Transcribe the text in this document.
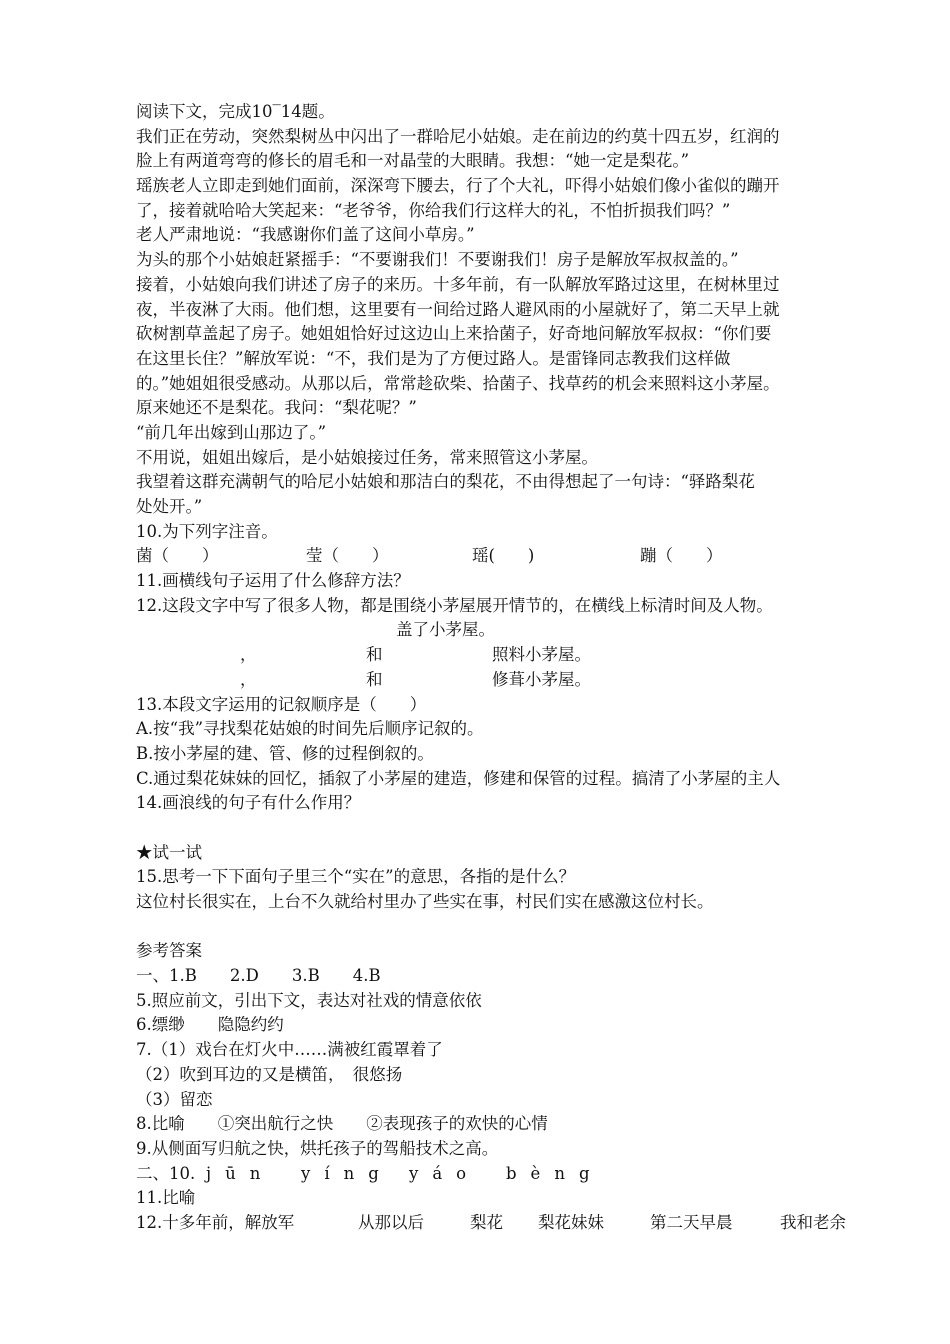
阅读下文，完成10‾14题。
我们正在劳动，突然梨树丛中闪出了一群哈尼小姑娘。走在前边的约莫十四五岁，红润的
脸上有两道弯弯的修长的眉毛和一对晶莹的大眼睛。我想：“她一定是梨花。”
瑶族老人立即走到她们面前，深深弯下腰去，行了个大礼，吓得小姑娘们像小雀似的蹦开
了，接着就哈哈大笑起来：“老爷爷，你给我们行这样大的礼，不怕折损我们吗？”
老人严肃地说：“我感谢你们盖了这间小草房。”
为头的那个小姑娘赶紧摇手：“不要谢我们！不要谢我们！房子是解放军叔叔盖的。”
接着，小姑娘向我们讲述了房子的来历。十多年前，有一队解放军路过这里，在树林里过
夜，半夜淋了大雨。他们想，这里要有一间给过路人避风雨的小屋就好了，第二天早上就
砍树割草盖起了房子。她姐姐恰好过这边山上来拾菌子，好奇地问解放军叔叔：“你们要
在这里长住？”解放军说：“不，我们是为了方便过路人。是雷锋同志教我们这样做
的。”她姐姐很受感动。从那以后，常常趁砍柴、拾菌子、找草药的机会来照料这小茅屋。
原来她还不是梨花。我问：“梨花呢？”
“前几年出嫁到山那边了。”
不用说，姐姐出嫁后，是小姑娘接过任务，常来照管这小茅屋。
我望着这群充满朝气的哈尼小姑娘和那洁白的梨花，不由得想起了一句诗：“驿路梨花
处处开。”
10.为下列字注音。
菌（　　）	莹（　　）	瑶(　　)	蹦（　　）
11.画横线句子运用了什么修辞方法？
12.这段文字中写了很多人物，都是围绕小茅屋展开情节的，在横线上标清时间及人物。
盖了小茅屋。
，	和	照料小茅屋。
，	和	修葺小茅屋。
13.本段文字运用的记叙顺序是（　　）
A.按“我”寻找梨花姑娘的时间先后顺序记叙的。
B.按小茅屋的建、管、修的过程倒叙的。
C.通过梨花妹妹的回忆，插叙了小茅屋的建造，修建和保管的过程。搞清了小茅屋的主人
14.画浪线的句子有什么作用？
★试一试
15.思考一下下面句子里三个“实在”的意思，各指的是什么？
这位村长很实在，上台不久就给村里办了些实在事，村民们实在感激这位村长。
参考答案
一、1.B　　2.D　　3.B　　4.B
5.照应前文，引出下文，表达对社戏的情意依依
6.缥缈　　隐隐约约
7.（1）戏台在灯火中……满被红霞罩着了
（2）吹到耳边的又是横笛，　很悠扬
（3）留恋
8.比喻　　①突出航行之快　　②表现孩子的欢快的心情
9.从侧面写归航之快，烘托孩子的驾船技术之高。
二、10. jūn yíng yáo bèng
11.比喻
12.十多年前，解放军	从那以后	梨花 梨花妹妹	第二天早晨	我和老余
